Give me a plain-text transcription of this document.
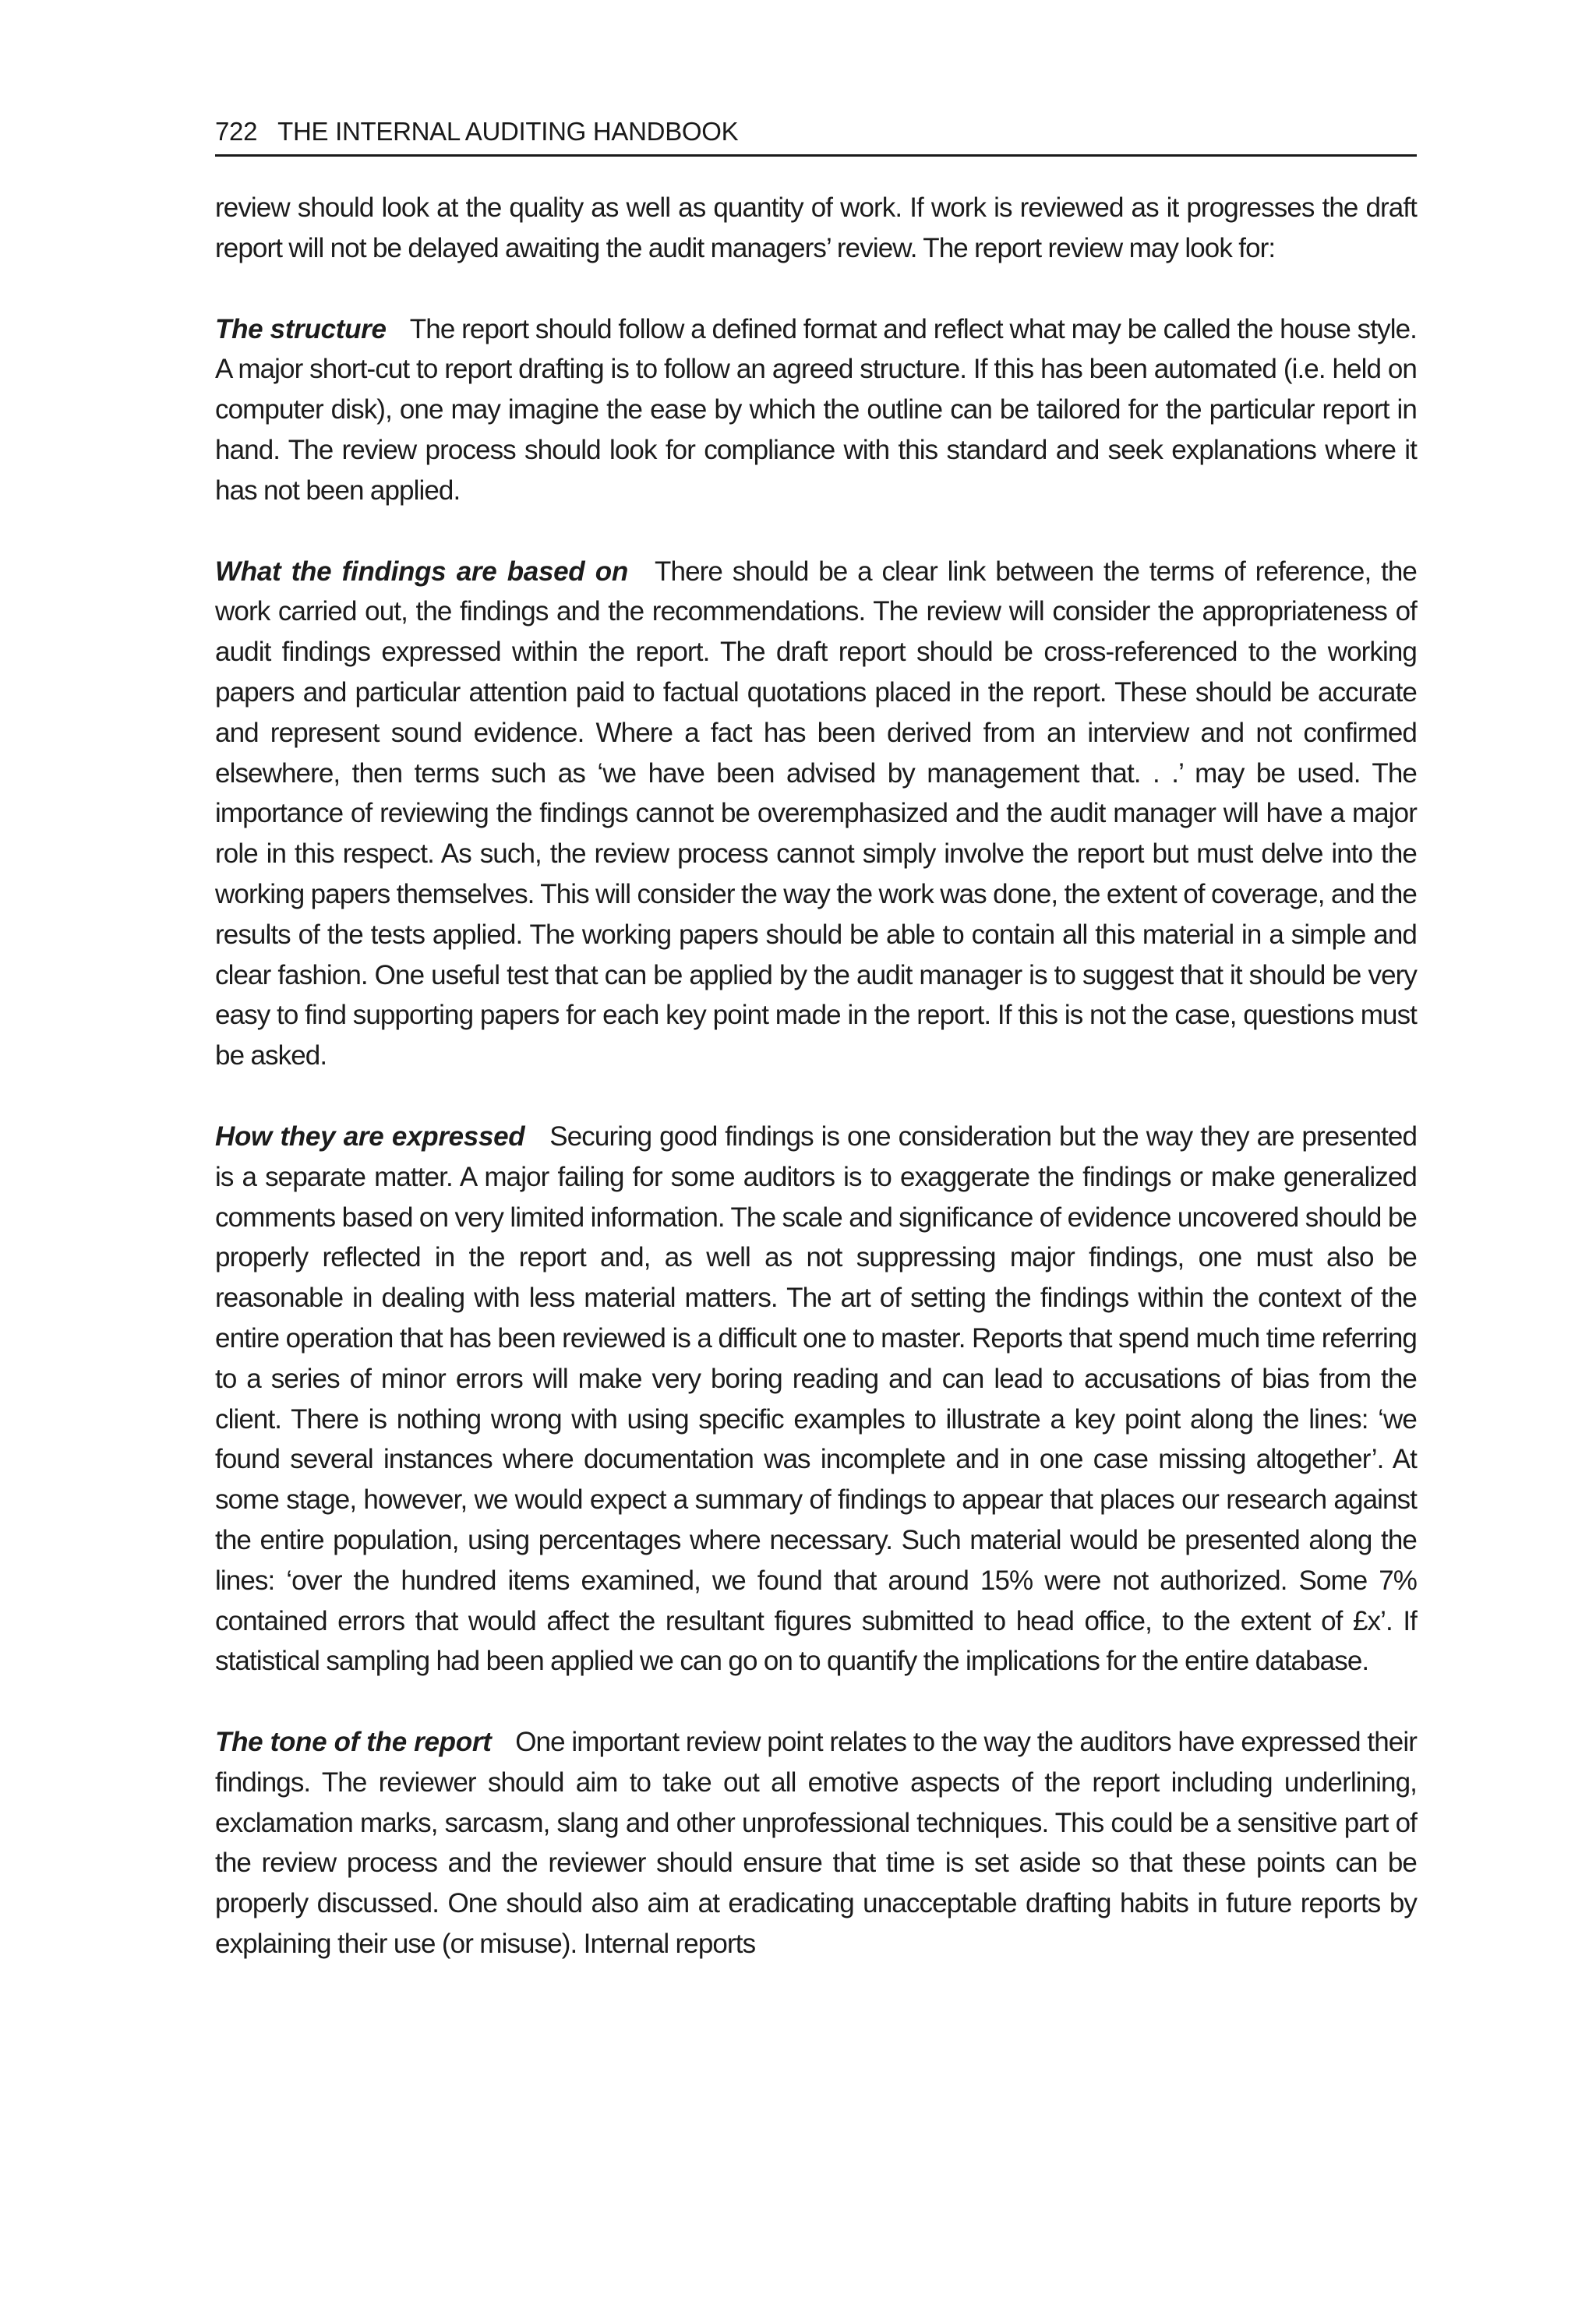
722 THE INTERNAL AUDITING HANDBOOK

review should look at the quality as well as quantity of work. If work is reviewed as it progresses the draft report will not be delayed awaiting the audit managers’ review. The report review may look for:

The structure The report should follow a defined format and reflect what may be called the house style. A major short-cut to report drafting is to follow an agreed structure. If this has been automated (i.e. held on computer disk), one may imagine the ease by which the outline can be tailored for the particular report in hand. The review process should look for compliance with this standard and seek explanations where it has not been applied.

What the findings are based on There should be a clear link between the terms of reference, the work carried out, the findings and the recommendations. The review will consider the appropriateness of audit findings expressed within the report. The draft report should be cross-referenced to the working papers and particular attention paid to factual quotations placed in the report. These should be accurate and represent sound evidence. Where a fact has been derived from an interview and not confirmed elsewhere, then terms such as ‘we have been advised by management that. . .’ may be used. The importance of reviewing the findings cannot be overemphasized and the audit manager will have a major role in this respect. As such, the review process cannot simply involve the report but must delve into the working papers themselves. This will consider the way the work was done, the extent of coverage, and the results of the tests applied. The working papers should be able to contain all this material in a simple and clear fashion. One useful test that can be applied by the audit manager is to suggest that it should be very easy to find supporting papers for each key point made in the report. If this is not the case, questions must be asked.

How they are expressed Securing good findings is one consideration but the way they are presented is a separate matter. A major failing for some auditors is to exaggerate the findings or make generalized comments based on very limited information. The scale and significance of evidence uncovered should be properly reflected in the report and, as well as not suppressing major findings, one must also be reasonable in dealing with less material matters. The art of setting the findings within the context of the entire operation that has been reviewed is a difficult one to master. Reports that spend much time referring to a series of minor errors will make very boring reading and can lead to accusations of bias from the client. There is nothing wrong with using specific examples to illustrate a key point along the lines: ‘we found several instances where documentation was incomplete and in one case missing altogether’. At some stage, however, we would expect a summary of findings to appear that places our research against the entire population, using percentages where necessary. Such material would be presented along the lines: ‘over the hundred items examined, we found that around 15% were not authorized. Some 7% contained errors that would affect the resultant figures submitted to head office, to the extent of £x’. If statistical sampling had been applied we can go on to quantify the implications for the entire database.

The tone of the report One important review point relates to the way the auditors have expressed their findings. The reviewer should aim to take out all emotive aspects of the report including underlining, exclamation marks, sarcasm, slang and other unprofessional techniques. This could be a sensitive part of the review process and the reviewer should ensure that time is set aside so that these points can be properly discussed. One should also aim at eradicating unacceptable drafting habits in future reports by explaining their use (or misuse). Internal reports
